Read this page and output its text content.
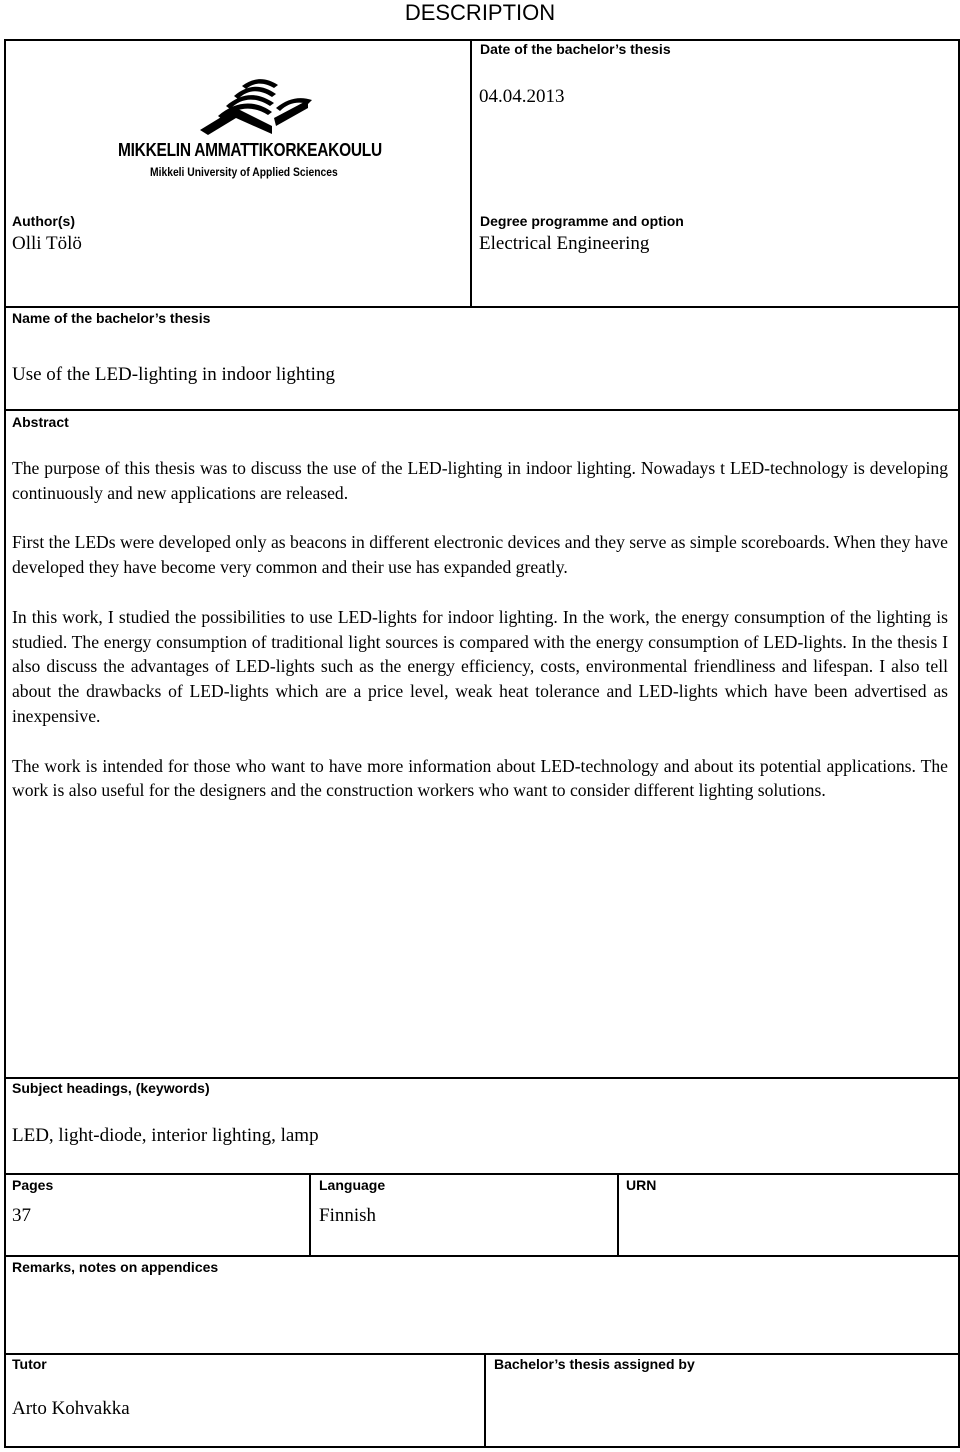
DESCRIPTION
MIKKELIN AMMATTIKORKEAKOULU
Mikkeli University of Applied Sciences
Date of the bachelor’s thesis
04.04.2013
Author(s)
Olli Tölö
Degree programme and option
Electrical Engineering
Name of the bachelor’s thesis
Use of the LED-lighting in indoor lighting
Abstract

The purpose of this thesis was to discuss the use of the LED-lighting in indoor lighting. Nowadays t LED-technology is developing continuously and new applications are released.

First the LEDs were developed only as beacons in different electronic devices and they serve as simple scoreboards. When they have developed they have become very common and their use has expanded greatly.

In this work, I studied the possibilities to use LED-lights for indoor lighting. In the work, the energy consumption of the lighting is studied. The energy consumption of traditional light sources is compared with the energy consumption of LED-lights. In the thesis I also discuss the advantages of LED-lights such as the energy efficiency, costs, environmental friendliness and lifespan. I also tell about the drawbacks of LED-lights which are a price level, weak heat tolerance and LED-lights which have been advertised as inexpensive.

The work is intended for those who want to have more information about LED-technology and about its potential applications. The work is also useful for the designers and the construction workers who want to consider different lighting solutions.

Subject headings, (keywords)
LED, light-diode, interior lighting, lamp
Pages
37
Language
Finnish
URN
Remarks, notes on appendices
Tutor
Arto Kohvakka
Bachelor’s thesis assigned by
